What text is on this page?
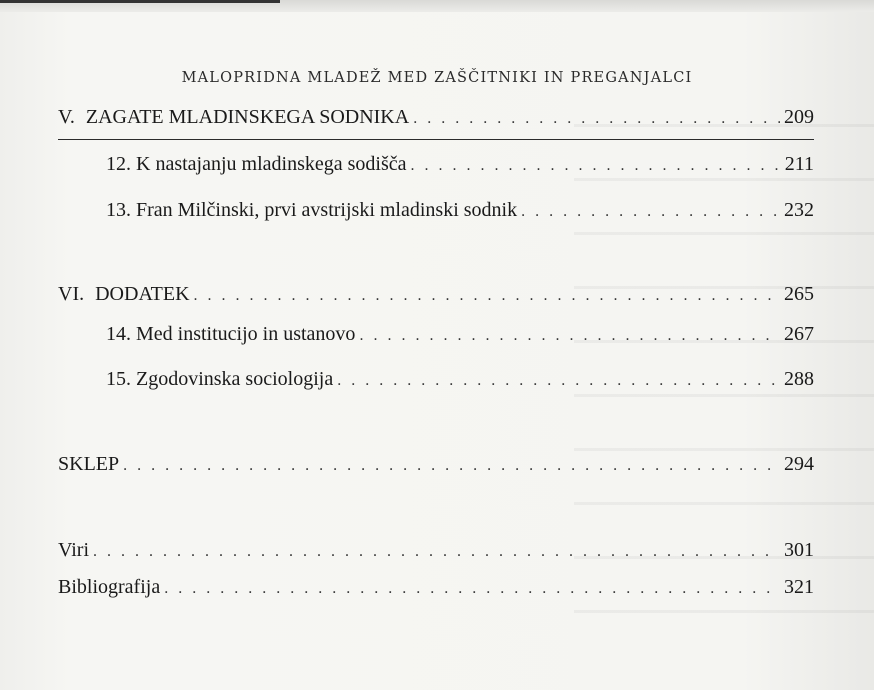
MALOPRIDNA MLADEŽ MED ZAŠČITNIKI IN PREGANJALCI
V. ZAGATE MLADINSKEGA SODNIKA . . .	209
12. K nastajanju mladinskega sodišča . . .	211
13. Fran Milčinski, prvi avstrijski mladinski sodnik . . .	232
VI. DODATEK . . .	265
14. Med institucijo in ustanovo . . .	267
15. Zgodovinska sociologija . . .	288
SKLEP . . .	294
Viri . . .	301
Bibliografija . . .	321
